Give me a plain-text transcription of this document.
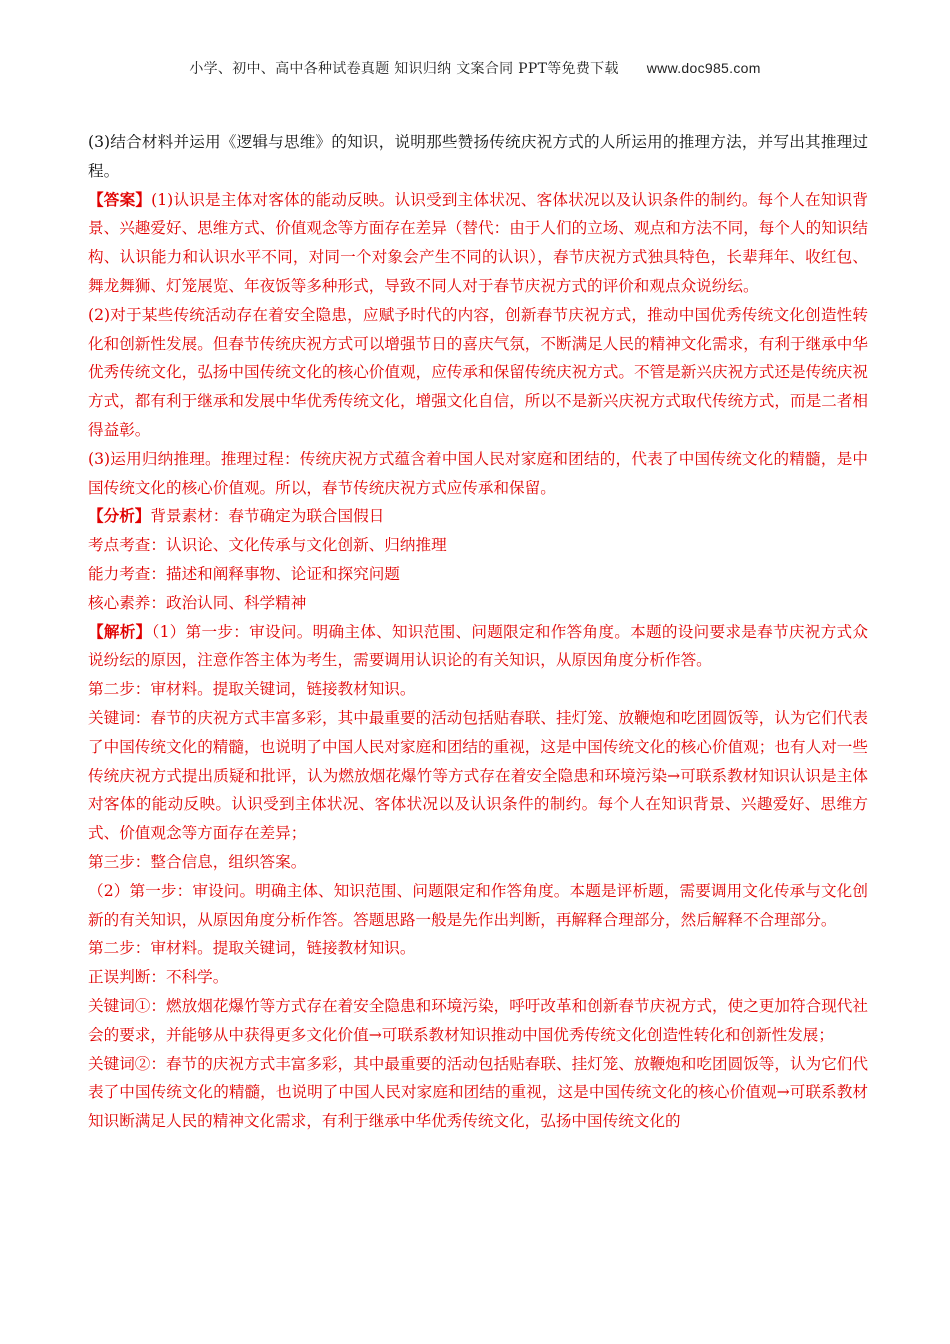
小学、初中、高中各种试卷真题 知识归纳 文案合同 PPT等免费下载 www.doc985.com

(3)结合材料并运用《逻辑与思维》的知识，说明那些赞扬传统庆祝方式的人所运用的推理方法，并写出其推理过程。

【答案】(1)认识是主体对客体的能动反映。认识受到主体状况、客体状况以及认识条件的制约。每个人在知识背景、兴趣爱好、思维方式、价值观念等方面存在差异（替代：由于人们的立场、观点和方法不同，每个人的知识结构、认识能力和认识水平不同，对同一个对象会产生不同的认识），春节庆祝方式独具特色，长辈拜年、收红包、舞龙舞狮、灯笼展览、年夜饭等多种形式，导致不同人对于春节庆祝方式的评价和观点众说纷纭。

(2)对于某些传统活动存在着安全隐患，应赋予时代的内容，创新春节庆祝方式，推动中国优秀传统文化创造性转化和创新性发展。但春节传统庆祝方式可以增强节日的喜庆气氛，不断满足人民的精神文化需求，有利于继承中华优秀传统文化，弘扬中国传统文化的核心价值观，应传承和保留传统庆祝方式。不管是新兴庆祝方式还是传统庆祝方式，都有利于继承和发展中华优秀传统文化，增强文化自信，所以不是新兴庆祝方式取代传统方式，而是二者相得益彰。

(3)运用归纳推理。推理过程：传统庆祝方式蕴含着中国人民对家庭和团结的，代表了中国传统文化的精髓，是中国传统文化的核心价值观。所以，春节传统庆祝方式应传承和保留。

【分析】背景素材：春节确定为联合国假日

考点考查：认识论、文化传承与文化创新、归纳推理

能力考查：描述和阐释事物、论证和探究问题

核心素养：政治认同、科学精神

【解析】（1）第一步：审设问。明确主体、知识范围、问题限定和作答角度。本题的设问要求是春节庆祝方式众说纷纭的原因，注意作答主体为考生，需要调用认识论的有关知识，从原因角度分析作答。

第二步：审材料。提取关键词，链接教材知识。

关键词：春节的庆祝方式丰富多彩，其中最重要的活动包括贴春联、挂灯笼、放鞭炮和吃团圆饭等，认为它们代表了中国传统文化的精髓，也说明了中国人民对家庭和团结的重视，这是中国传统文化的核心价值观；也有人对一些传统庆祝方式提出质疑和批评，认为燃放烟花爆竹等方式存在着安全隐患和环境污染→可联系教材知识认识是主体对客体的能动反映。认识受到主体状况、客体状况以及认识条件的制约。每个人在知识背景、兴趣爱好、思维方式、价值观念等方面存在差异；

第三步：整合信息，组织答案。

（2）第一步：审设问。明确主体、知识范围、问题限定和作答角度。本题是评析题，需要调用文化传承与文化创新的有关知识，从原因角度分析作答。答题思路一般是先作出判断，再解释合理部分，然后解释不合理部分。

第二步：审材料。提取关键词，链接教材知识。

正误判断：不科学。

关键词①：燃放烟花爆竹等方式存在着安全隐患和环境污染，呼吁改革和创新春节庆祝方式，使之更加符合现代社会的要求，并能够从中获得更多文化价值→可联系教材知识推动中国优秀传统文化创造性转化和创新性发展；

关键词②：春节的庆祝方式丰富多彩，其中最重要的活动包括贴春联、挂灯笼、放鞭炮和吃团圆饭等，认为它们代表了中国传统文化的精髓，也说明了中国人民对家庭和团结的重视，这是中国传统文化的核心价值观→可联系教材知识断满足人民的精神文化需求，有利于继承中华优秀传统文化，弘扬中国传统文化的
